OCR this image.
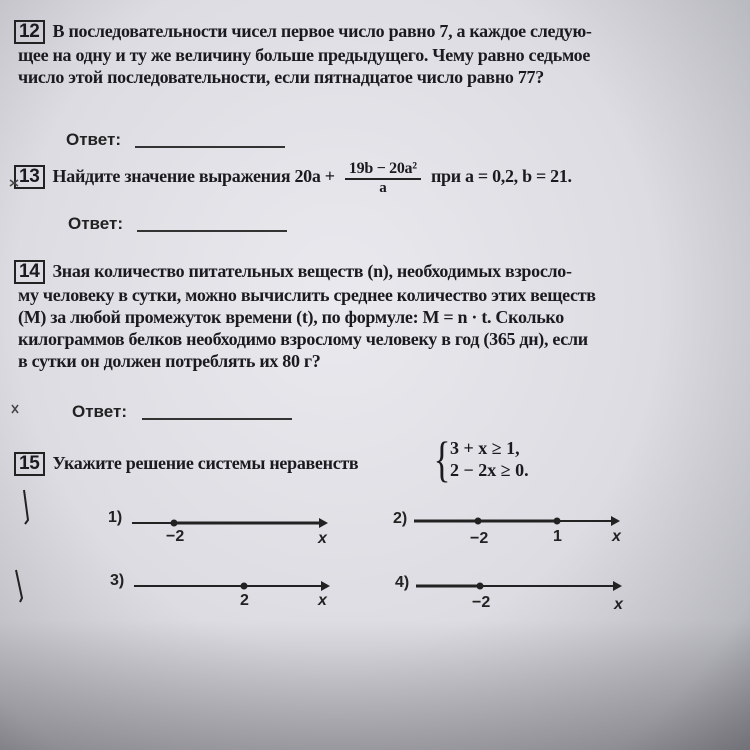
12 В последовательности чисел первое число равно 7, а каждое следую-
щее на одну и ту же величину больше предыдущего. Чему равно седьмое
число этой последовательности, если пятнадцатое число равно 77?
Ответ:
13 Найдите значение выражения $20a + \frac{\text{19b − 20a²}}{a}$ при a = 0,2, b = 21.
Ответ:
14 Зная количество питательных веществ (n), необходимых взросло-
му человеку в сутки, можно вычислить среднее количество этих веществ
(M) за любой промежуток времени (t), по формуле: M = n · t. Сколько
килограммов белков необходимо взрослому человеку в год (365 дн), если
в сутки он должен потреблять их 80 г?
Ответ:
15 Укажите решение системы неравенств	{ 3 + x ≥ 1,
2 − 2x ≥ 0.
1)
−2	x
2)
−2	1	x
3)
2	x
4)
−2	x
